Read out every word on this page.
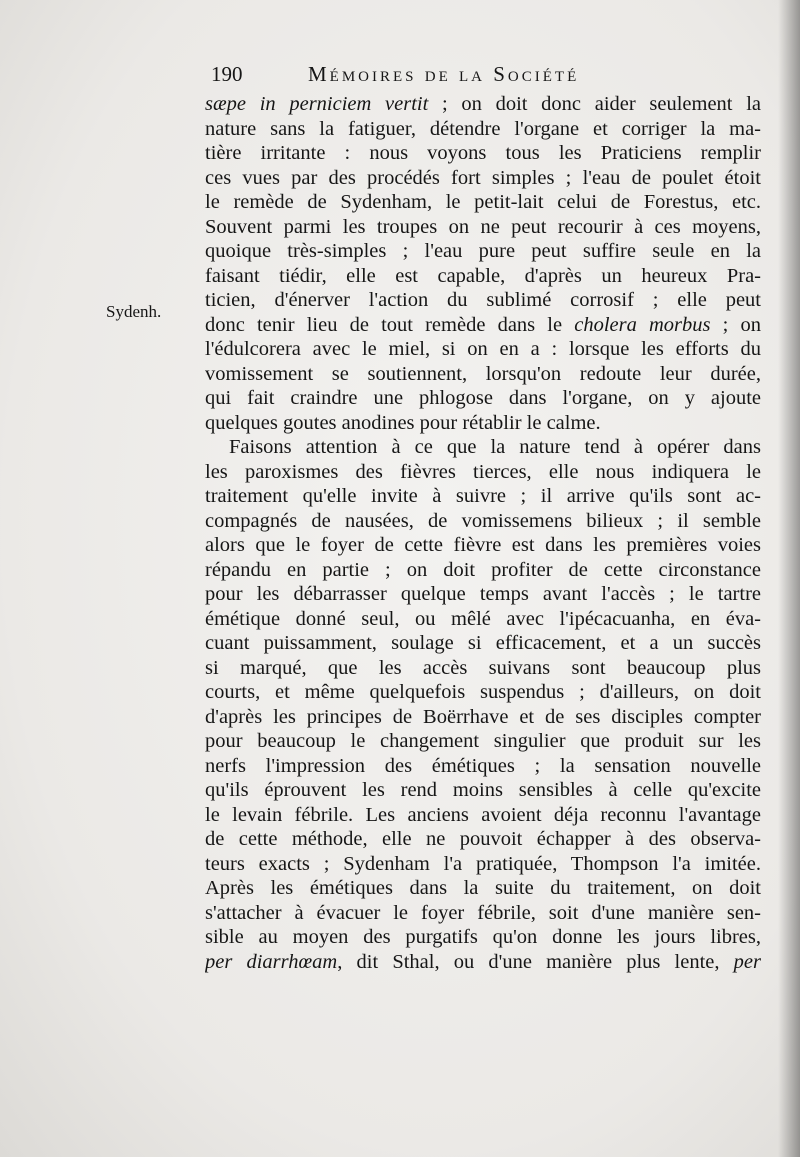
190	Mémoires de la Société
Sydenh.
sæpe in perniciem vertit ; on doit donc aider seulement la
nature sans la fatiguer, détendre l'organe et corriger la ma-
tière irritante : nous voyons tous les Praticiens remplir
ces vues par des procédés fort simples ; l'eau de poulet étoit
le remède de Sydenham, le petit-lait celui de Forestus, etc.
Souvent parmi les troupes on ne peut recourir à ces moyens,
quoique très-simples ; l'eau pure peut suffire seule en la
faisant tiédir, elle est capable, d'après un heureux Pra-
ticien, d'énerver l'action du sublimé corrosif ; elle peut
donc tenir lieu de tout remède dans le cholera morbus ; on
l'édulcorera avec le miel, si on en a : lorsque les efforts du
vomissement se soutiennent, lorsqu'on redoute leur durée,
qui fait craindre une phlogose dans l'organe, on y ajoute
quelques goutes anodines pour rétablir le calme.
Faisons attention à ce que la nature tend à opérer dans
les paroxismes des fièvres tierces, elle nous indiquera le
traitement qu'elle invite à suivre ; il arrive qu'ils sont ac-
compagnés de nausées, de vomissemens bilieux ; il semble
alors que le foyer de cette fièvre est dans les premières voies
répandu en partie ; on doit profiter de cette circonstance
pour les débarrasser quelque temps avant l'accès ; le tartre
émétique donné seul, ou mêlé avec l'ipécacuanha, en éva-
cuant puissamment, soulage si efficacement, et a un succès
si marqué, que les accès suivans sont beaucoup plus
courts, et même quelquefois suspendus ; d'ailleurs, on doit
d'après les principes de Boërrhave et de ses disciples compter
pour beaucoup le changement singulier que produit sur les
nerfs l'impression des émétiques ; la sensation nouvelle
qu'ils éprouvent les rend moins sensibles à celle qu'excite
le levain fébrile. Les anciens avoient déja reconnu l'avantage
de cette méthode, elle ne pouvoit échapper à des observa-
teurs exacts ; Sydenham l'a pratiquée, Thompson l'a imitée.
Après les émétiques dans la suite du traitement, on doit
s'attacher à évacuer le foyer fébrile, soit d'une manière sen-
sible au moyen des purgatifs qu'on donne les jours libres,
per diarrhœam, dit Sthal, ou d'une manière plus lente, per
